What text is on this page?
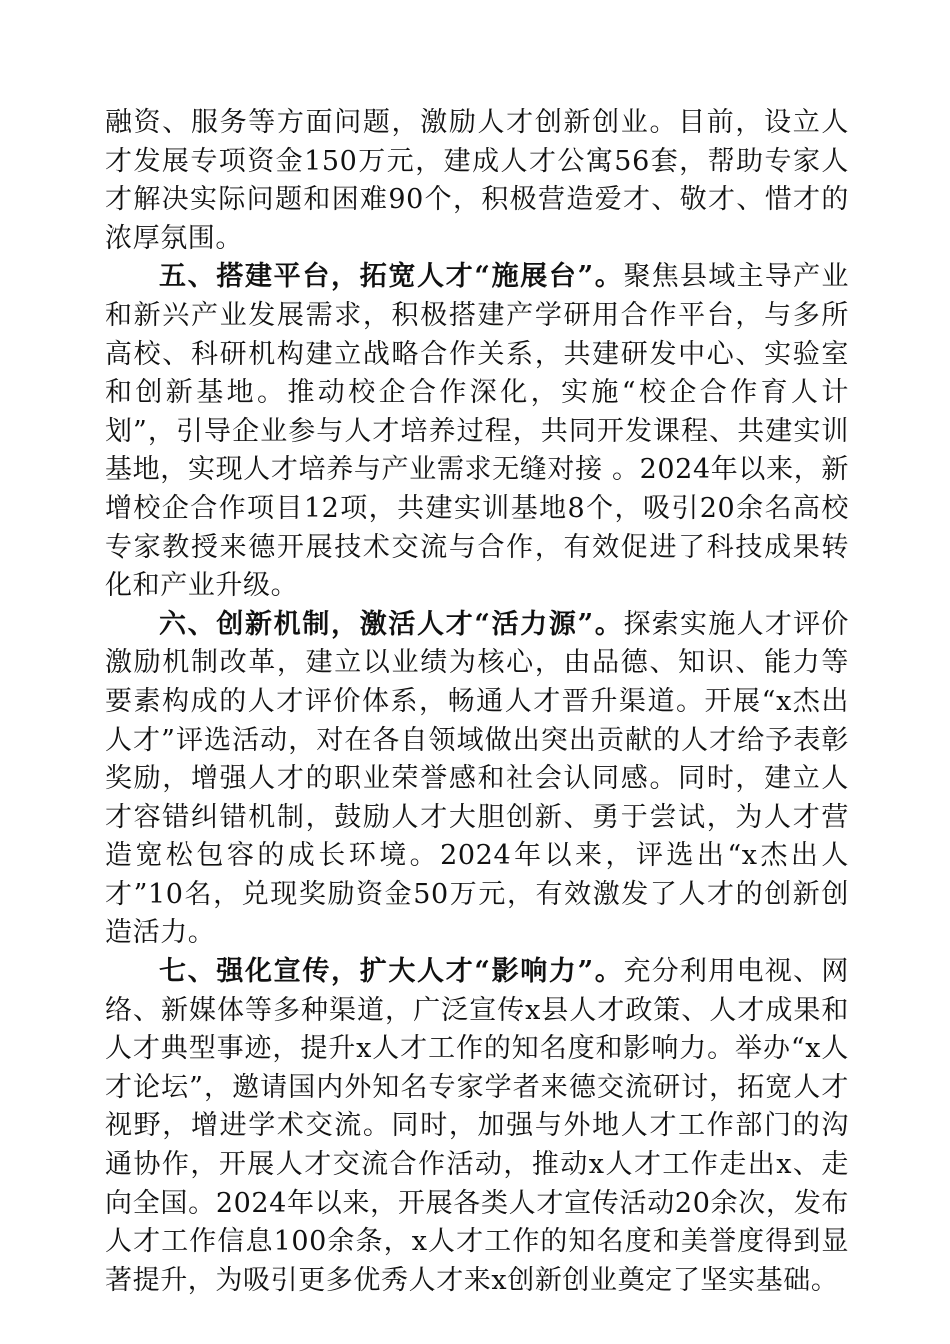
融资、服务等方面问题，激励人才创新创业。目前，设立人才发展专项资金150万元，建成人才公寓56套，帮助专家人才解决实际问题和困难90个，积极营造爱才、敬才、惜才的浓厚氛围。

五、搭建平台，拓宽人才“施展台”。聚焦县域主导产业和新兴产业发展需求，积极搭建产学研用合作平台，与多所高校、科研机构建立战略合作关系，共建研发中心、实验室和创新基地。推动校企合作深化，实施“校企合作育人计划”，引导企业参与人才培养过程，共同开发课程、共建实训基地，实现人才培养与产业需求无缝对接 。2024年以来，新增校企合作项目12项，共建实训基地8个，吸引20余名高校专家教授来德开展技术交流与合作，有效促进了科技成果转化和产业升级。

六、创新机制，激活人才“活力源”。探索实施人才评价激励机制改革，建立以业绩为核心，由品德、知识、能力等要素构成的人才评价体系，畅通人才晋升渠道。开展“x杰出人才”评选活动，对在各自领域做出突出贡献的人才给予表彰奖励，增强人才的职业荣誉感和社会认同感。同时，建立人才容错纠错机制，鼓励人才大胆创新、勇于尝试，为人才营造宽松包容的成长环境。2024年以来，评选出“x杰出人才”10名，兑现奖励资金50万元，有效激发了人才的创新创造活力。

七、强化宣传，扩大人才“影响力”。充分利用电视、网络、新媒体等多种渠道，广泛宣传x县人才政策、人才成果和人才典型事迹，提升x人才工作的知名度和影响力。举办“x人才论坛”，邀请国内外知名专家学者来德交流研讨，拓宽人才视野，增进学术交流。同时，加强与外地人才工作部门的沟通协作，开展人才交流合作活动，推动x人才工作走出x、走向全国。2024年以来，开展各类人才宣传活动20余次，发布人才工作信息100余条，x人才工作的知名度和美誉度得到显著提升，为吸引更多优秀人才来x创新创业奠定了坚实基础。
